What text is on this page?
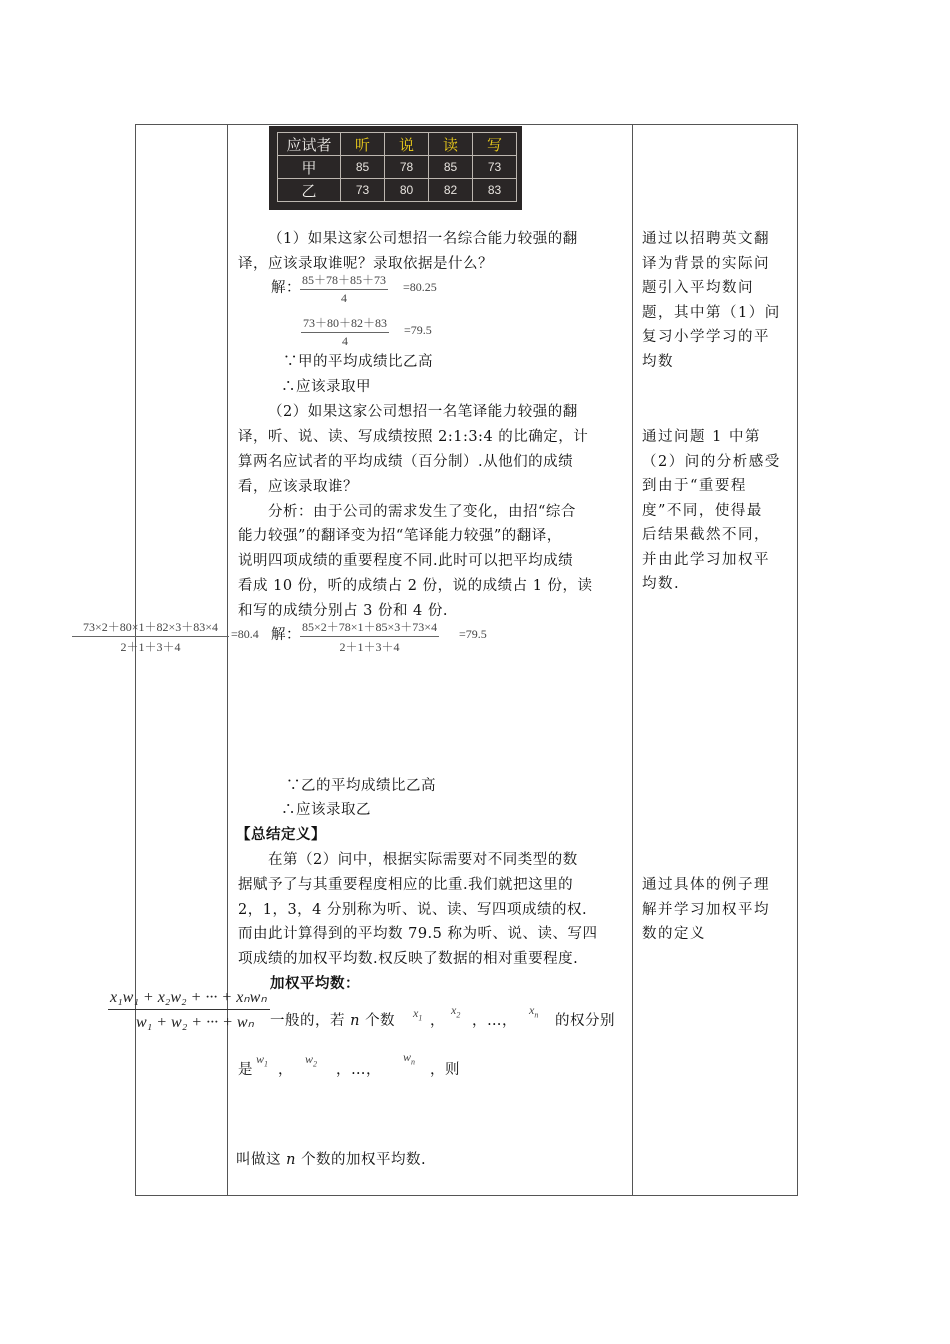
应试者	听	说	读	写
甲	85	78	85	73
乙	73	80	82	83
（1）如果这家公司想招一名综合能力较强的翻
译，应该录取谁呢？录取依据是什么？
解： $\frac{85+78+85+73}{4} =80.25$
$\frac{73+80+82+83}{4} =79.5$
∵甲的平均成绩比乙高
∴应该录取甲
（2）如果这家公司想招一名笔译能力较强的翻
译，听、说、读、写成绩按照 2:1:3:4 的比确定，计
算两名应试者的平均成绩（百分制）.从他们的成绩
看，应该录取谁？
分析：由于公司的需求发生了变化，由招“综合
能力较强”的翻译变为招“笔译能力较强”的翻译，
说明四项成绩的重要程度不同.此时可以把平均成绩
看成 10 份，听的成绩占 2 份，说的成绩占 1 份，读
和写的成绩分别占 3 份和 4 份.
$\frac{73\times 2+80\times 1+82\times 3+83\times 4}{2+1+3+4} =80.4$ 解： $\frac{85\times 2+78\times 1+85\times 3+73\times 4}{2+1+3+4} =79.5$
∵乙的平均成绩比乙高
∴应该录取乙
【总结定义】
在第（2）问中，根据实际需要对不同类型的数
据赋予了与其重要程度相应的比重.我们就把这里的
2，1，3，4 分别称为听、说、读、写四项成绩的权.
而由此计算得到的平均数 79.5 称为听、说、读、写四
项成绩的加权平均数.权反映了数据的相对重要程度.
加权平均数：
x₁w₁ + x₂w₂ + ··· + xₙwₙ
w₁ + w₂ + ··· + wₙ 一般的，若 n 个数 $x_1$ ，
$x_2$ ，…，
$x_n$ 的权分别
是
$w_1$ ，
$w_2$ ，…，
$w_n$
，则
叫做这 n 个数的加权平均数.
通过以招聘英文翻
译为背景的实际问
题引入平均数问
题，其中第（1）问
复习小学学习的平
均数
通过问题 1 中第
（2）问的分析感受
到由于“重要程
度”不同，使得最
后结果截然不同，
并由此学习加权平
均数.
通过具体的例子理
解并学习加权平均
数的定义
